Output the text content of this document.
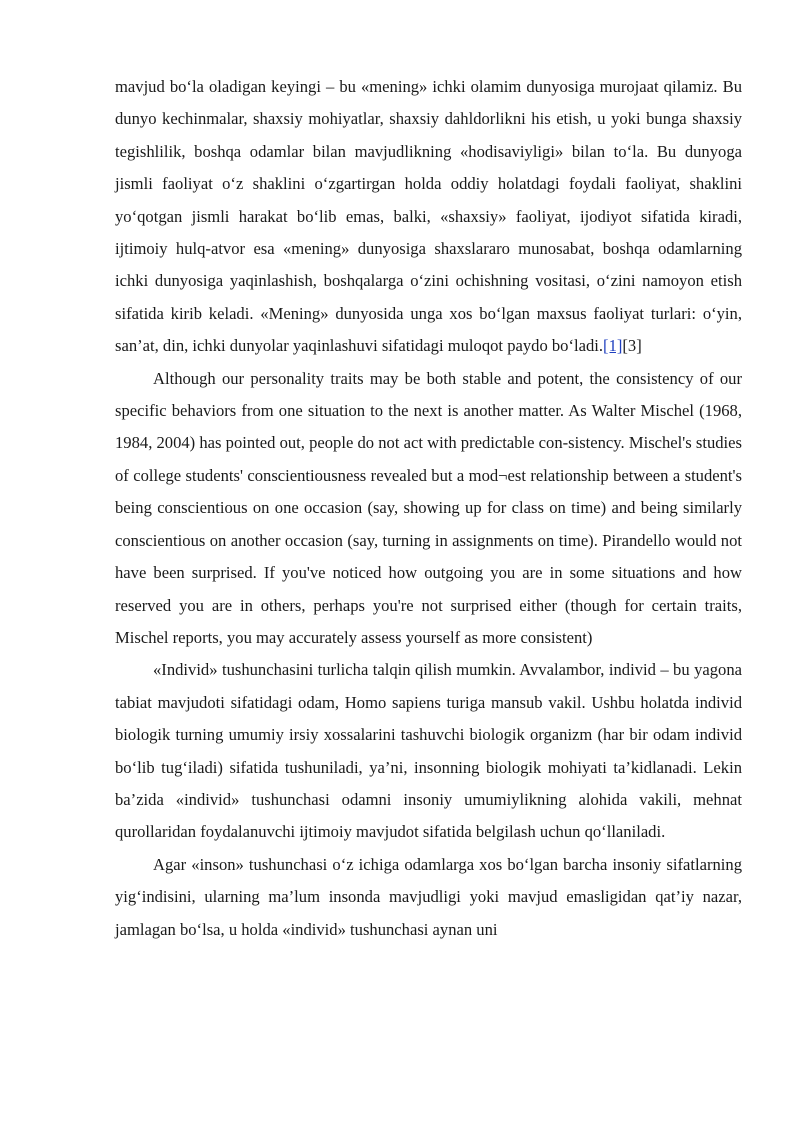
mavjud bo‘la oladigan keyingi – bu «mening» ichki olamim dunyosiga murojaat qilamiz. Bu dunyo kechinmalar, shaxsiy mohiyatlar, shaxsiy dahldorlikni his etish, u yoki bunga shaxsiy tegishlilik, boshqa odamlar bilan mavjudlikning «hodisaviyligi» bilan to‘la. Bu dunyoga jismli faoliyat o‘z shaklini o‘zgartirgan holda oddiy holatdagi foydali faoliyat, shaklini yo‘qotgan jismli harakat bo‘lib emas, balki, «shaxsiy» faoliyat, ijodiyot sifatida kiradi, ijtimoiy hulq-atvor esa «mening» dunyosiga shaxslararo munosabat, boshqa odamlarning ichki dunyosiga yaqinlashish, boshqalarga o‘zini ochishning vositasi, o‘zini namoyon etish sifatida kirib keladi. «Mening» dunyosida unga xos bo‘lgan maxsus faoliyat turlari: o‘yin, san’at, din, ichki dunyolar yaqinlashuvi sifatidagi muloqot paydo bo‘ladi.[1][3]

Although our personality traits may be both stable and potent, the consistency of our specific behaviors from one situation to the next is another matter. As Walter Mischel (1968, 1984, 2004) has pointed out, people do not act with predictable con-sistency. Mischel's studies of college students' conscientiousness revealed but a mod¬est relationship between a student's being conscientious on one occasion (say, showing up for class on time) and being similarly conscientious on another occasion (say, turning in assignments on time). Pirandello would not have been surprised. If you've noticed how outgoing you are in some situations and how reserved you are in others, perhaps you're not surprised either (though for certain traits, Mischel reports, you may accurately assess yourself as more consistent)

«Individ» tushunchasini turlicha talqin qilish mumkin. Avvalambor, individ – bu yagona tabiat mavjudoti sifatidagi odam, Homo sapiens turiga mansub vakil. Ushbu holatda individ biologik turning umumiy irsiy xossalarini tashuvchi biologik organizm (har bir odam individ bo‘lib tug‘iladi) sifatida tushuniladi, ya’ni, insonning biologik mohiyati ta’kidlanadi. Lekin ba’zida «individ» tushunchasi odamni insoniy umumiylikning alohida vakili, mehnat qurollaridan foydalanuvchi ijtimoiy mavjudot sifatida belgilash uchun qo‘llaniladi.

Agar «inson» tushunchasi o‘z ichiga odamlarga xos bo‘lgan barcha insoniy sifatlarning yig‘indisini, ularning ma’lum insonda mavjudligi yoki mavjud emasligidan qat’iy nazar, jamlagan bo‘lsa, u holda «individ» tushunchasi aynan uni
